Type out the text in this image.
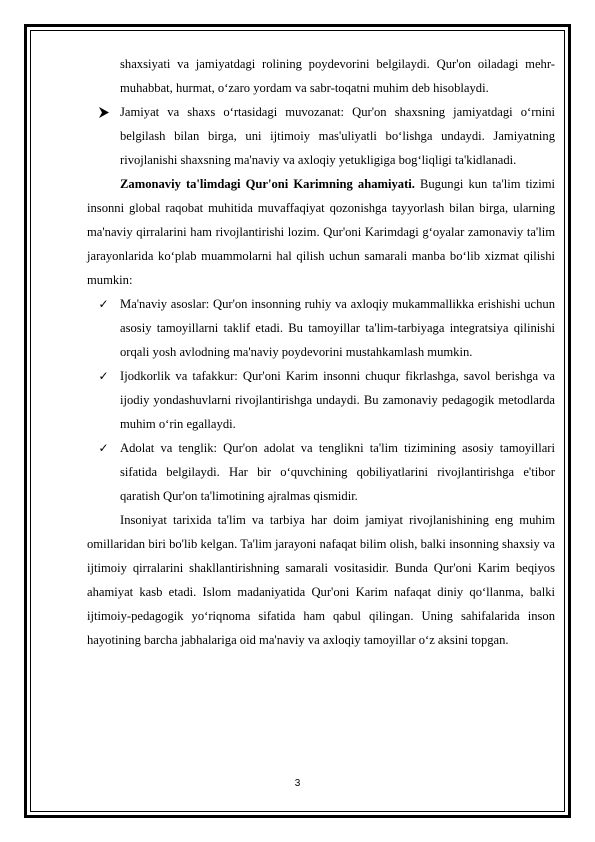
shaxsiyati va jamiyatdagi rolining poydevorini belgilaydi. Qur'on oiladagi mehr-muhabbat, hurmat, o‘zaro yordam va sabr-toqatni muhim deb hisoblaydi.

Jamiyat va shaxs o‘rtasidagi muvozanat: Qur'on shaxsning jamiyatdagi o‘rnini belgilash bilan birga, uni ijtimoiy mas'uliyatli bo‘lishga undaydi. Jamiyatning rivojlanishi shaxsning ma'naviy va axloqiy yetukligiga bog‘liqligi ta'kidlanadi.

Zamonaviy ta'limdagi Qur'oni Karimning ahamiyati. Bugungi kun ta'lim tizimi insonni global raqobat muhitida muvaffaqiyat qozonishga tayyorlash bilan birga, ularning ma'naviy qirralarini ham rivojlantirishi lozim. Qur'oni Karimdagi g‘oyalar zamonaviy ta'lim jarayonlarida ko‘plab muammolarni hal qilish uchun samarali manba bo‘lib xizmat qilishi mumkin:

✓ Ma'naviy asoslar: Qur'on insonning ruhiy va axloqiy mukammallikka erishishi uchun asosiy tamoyillarni taklif etadi. Bu tamoyillar ta'lim-tarbiyaga integratsiya qilinishi orqali yosh avlodning ma'naviy poydevorini mustahkamlash mumkin.

✓ Ijodkorlik va tafakkur: Qur'oni Karim insonni chuqur fikrlashga, savol berishga va ijodiy yondashuvlarni rivojlantirishga undaydi. Bu zamonaviy pedagogik metodlarda muhim o‘rin egallaydi.

✓ Adolat va tenglik: Qur'on adolat va tenglikni ta'lim tizimining asosiy tamoyillari sifatida belgilaydi. Har bir o‘quvchining qobiliyatlarini rivojlantirishga e'tibor qaratish Qur'on ta'limotining ajralmas qismidir.

Insoniyat tarixida ta'lim va tarbiya har doim jamiyat rivojlanishining eng muhim omillaridan biri bo'lib kelgan. Ta'lim jarayoni nafaqat bilim olish, balki insonning shaxsiy va ijtimoiy qirralarini shakllantirishning samarali vositasidir. Bunda Qur'oni Karim beqiyos ahamiyat kasb etadi. Islom madaniyatida Qur'oni Karim nafaqat diniy qo‘llanma, balki ijtimoiy-pedagogik yo‘riqnoma sifatida ham qabul qilingan. Uning sahifalarida inson hayotining barcha jabhalariga oid ma'naviy va axloqiy tamoyillar o‘z aksini topgan.

3
